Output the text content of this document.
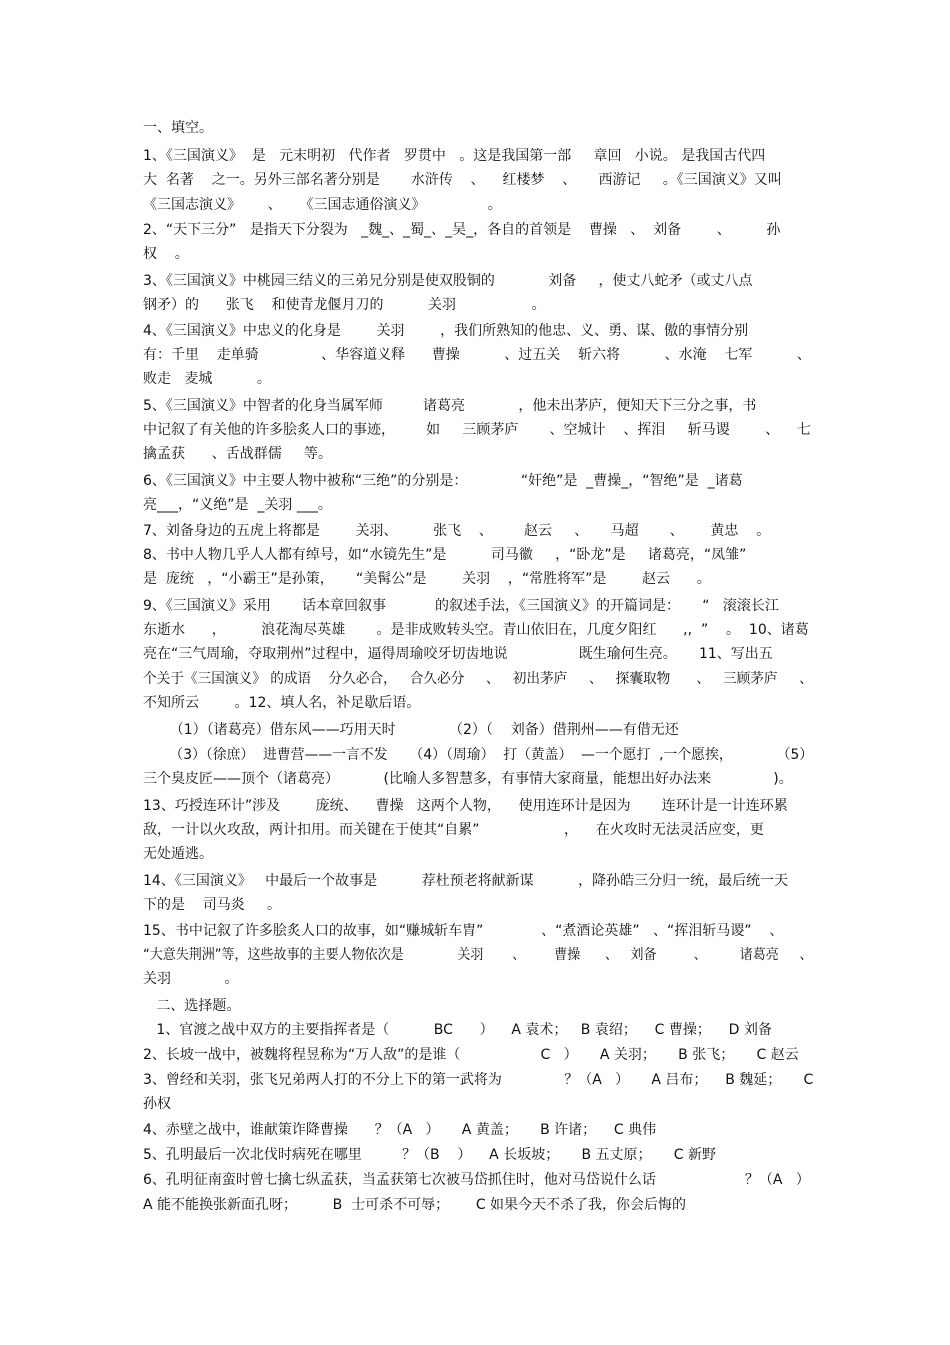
一、填空。
1、《三国演义》  是   元末明初   代作者   罗贯中   。这是我国第一部     章回   小说。 是我国古代四
大  名著    之一。另外三部名著分别是       水浒传    、    红楼梦    、     西游记     。《三国演义》又叫
《三国志演义》      、    《三国志通俗演义》              。
2、“天下三分”   是指天下分裂为   _魏_、_蜀_、_吴_，各自的首领是    曹操   、  刘备        、        孙
权    。
3、《三国演义》中桃园三结义的三弟兄分别是使双股铜的            刘备     ，使丈八蛇矛（或丈八点
钢矛）的      张飞    和使青龙偃月刀的          关羽                 。
4、《三国演义》中忠义的化身是        关羽        ，我们所熟知的他忠、义、勇、谋、傲的事情分别
有：千里    走单骑              、华容道义释      曹操          、过五关    斩六将          、水淹    七军          、
败走   麦城          。
5、《三国演义》中智者的化身当属军师         诸葛亮            ，他未出茅庐，便知天下三分之事，书
中记叙了有关他的许多脍炙人口的事迹，       如     三顾茅庐       、空城计    、挥泪     斩马谡        、    七
擒孟获      、舌战群儒     等。
6、《三国演义》中主要人物中被称“三绝”的分别是：            “奸绝”是  _曹操_，“智绝”是  _诸葛
亮___，“义绝”是  _关羽 ___。
7、刘备身边的五虎上将都是        关羽、        张飞    、       赵云     、     马超       、      黄忠    。
8、书中人物几乎人人都有绰号，如“水镜先生”是          司马徽     ，“卧龙”是     诸葛亮，“凤雏”
是  庞统   ，“小霸王”是孙策，     “美髯公”是        关羽    ，“常胜将军”是        赵云      。
9、《三国演义》采用       话本章回叙事           的叙述手法，《三国演义》的开篇词是：     “   滚滚长江
东逝水      ，        浪花淘尽英雄       。是非成败转头空。青山依旧在，几度夕阳红      ,,  ”    。  10、诸葛
亮在“三气周瑜，夺取荆州”过程中，逼得周瑜咬牙切齿地说                既生瑜何生亮。     11、写出五
个关于《三国演义》 的成语    分久必合，   合久必分     、   初出茅庐     、   探囊取物      、   三顾茅庐     、
不知所云        。12、填人名，补足歇后语。
（1）（诸葛亮）借东风——巧用天时            （2）（    刘备）借荆州——有借无还
（3）（徐庶）  进曹营——一言不发     （4）（周瑜）  打（黄盖）  —一个愿打  ,一个愿挨，          （5）
三个臭皮匠——顶个（诸葛亮）          (比喻人多智慧多，有事情大家商量，能想出好办法来              )。
13、巧授连环计”涉及        庞统、    曹操   这两个人物，    使用连环计是因为       连环计是一计连环累
敌，一计以火攻敌，两计扣用。而关键在于使其“自累”                   ，    在火攻时无法灵活应变，更
无处遁逃。
14、《三国演义》   中最后一个故事是          荐杜预老将献新谋          ，降孙皓三分归一统，最后统一天
下的是    司马炎     。
15、书中记叙了许多脍炙人口的故事，如“赚城斩车胄”             、“煮酒论英雄”   、“挥泪斩马谡”    、
“大意失荆洲”等，这些故事的主要人物依次是             关羽       、       曹操      、   刘备         、        诸葛亮     、
关羽            。
二、选择题。
1、官渡之战中双方的主要指挥者是（          BC      ）    A 袁术；   B 袁绍；    C 曹操；    D 刘备
2、长坡一战中，被魏将程昱称为“万人敌”的是谁（                  C   ）     A 关羽；     B 张飞；     C 赵云
3、曾经和关羽，张飞兄弟两人打的不分上下的第一武将为              ？（A   ）     A 吕布；    B 魏延；     C
孙权
4、赤壁之战中，谁献策诈降曹操      ？（A   ）     A 黄盖；     B 许诸；    C 典伟
5、孔明最后一次北伐时病死在哪里         ？（B    ）    A 长坂坡；     B 五丈原；     C 新野
6、孔明征南蛮时曾七擒七纵孟获，当孟获第七次被马岱抓住时，他对马岱说什么话                    ？（A   ）
A 能不能换张新面孔呀；        B  士可杀不可辱；      C 如果今天不杀了我，你会后悔的
